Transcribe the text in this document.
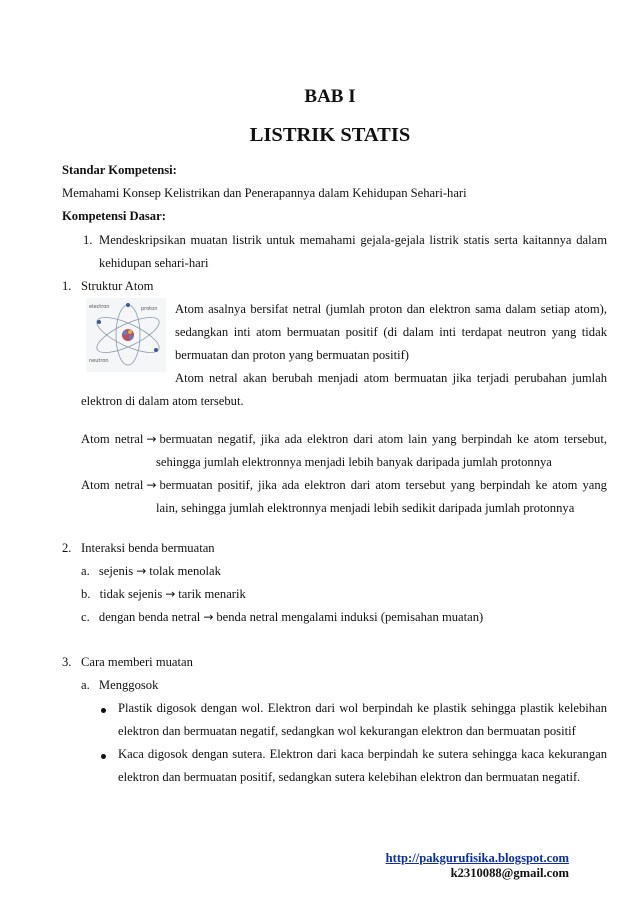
BAB I
LISTRIK STATIS
Standar Kompetensi:
Memahami Konsep Kelistrikan dan Penerapannya dalam Kehidupan Sehari-hari
Kompetensi Dasar:
1. Mendeskripsikan muatan listrik untuk memahami gejala-gejala listrik statis serta kaitannya dalam
kehidupan sehari-hari
1. Struktur Atom
electron	proton
neutron
Atom asalnya bersifat netral (jumlah proton dan elektron sama dalam setiap atom),
sedangkan inti atom bermuatan positif (di dalam inti terdapat neutron yang tidak
bermuatan dan proton yang bermuatan positif)
Atom netral akan berubah menjadi atom bermuatan jika terjadi perubahan jumlah
elektron di dalam atom tersebut.
Atom netral → bermuatan negatif, jika ada elektron dari atom lain yang berpindah ke atom tersebut,
sehingga jumlah elektronnya menjadi lebih banyak daripada jumlah protonnya
Atom netral → bermuatan positif, jika ada elektron dari atom tersebut yang berpindah ke atom yang
lain, sehingga jumlah elektronnya menjadi lebih sedikit daripada jumlah protonnya
2. Interaksi benda bermuatan
a. sejenis → tolak menolak
b. tidak sejenis → tarik menarik
c. dengan benda netral → benda netral mengalami induksi (pemisahan muatan)
3. Cara memberi muatan
a. Menggosok
Plastik digosok dengan wol. Elektron dari wol berpindah ke plastik sehingga plastik kelebihan
elektron dan bermuatan negatif, sedangkan wol kekurangan elektron dan bermuatan positif
Kaca digosok dengan sutera. Elektron dari kaca berpindah ke sutera sehingga kaca kekurangan
elektron dan bermuatan positif, sedangkan sutera kelebihan elektron dan bermuatan negatif.
http://pakgurufisika.blogspot.com
k2310088@gmail.com
